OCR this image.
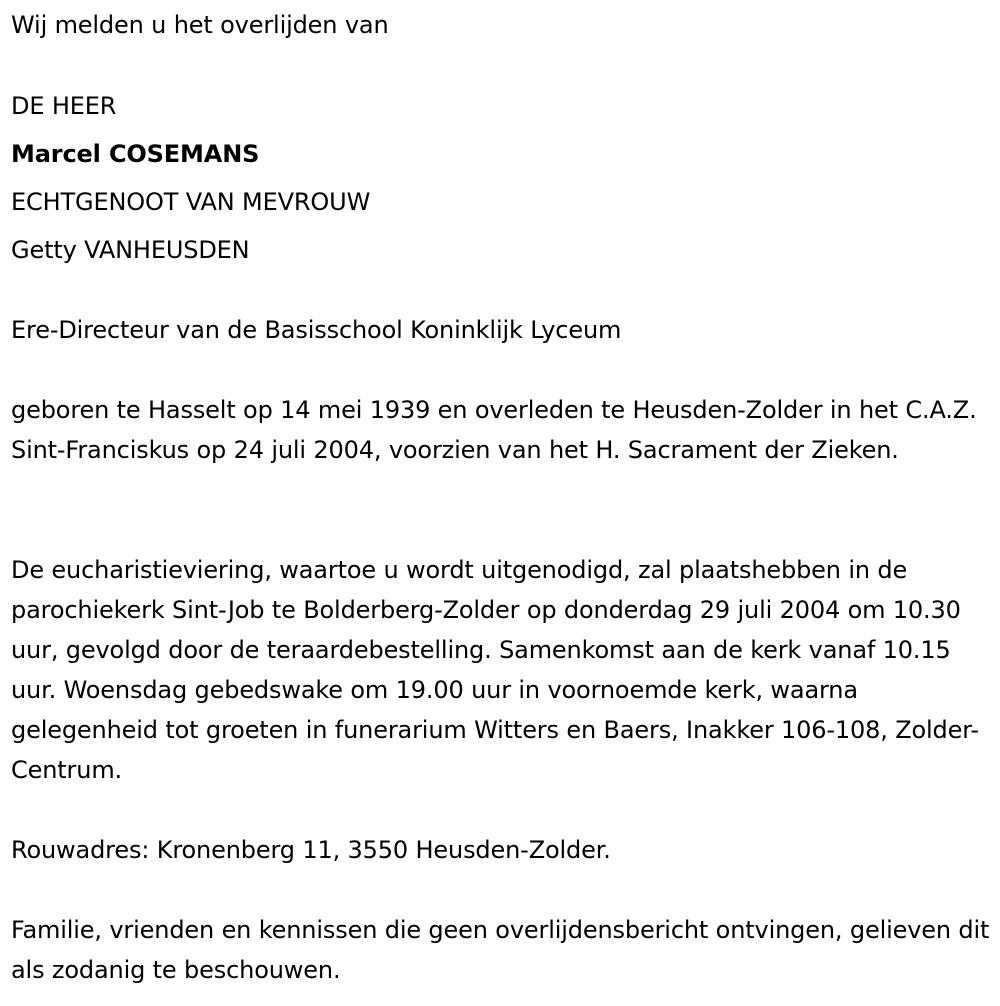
Wij melden u het overlijden van
DE HEER
Marcel COSEMANS
ECHTGENOOT VAN MEVROUW
Getty VANHEUSDEN
Ere-Directeur van de Basisschool Koninklijk Lyceum

geboren te Hasselt op 14 mei 1939 en overleden te Heusden-Zolder in het C.A.Z. Sint-Franciskus op 24 juli 2004, voorzien van het H. Sacrament der Zieken.

De eucharistieviering, waartoe u wordt uitgenodigd, zal plaatshebben in de parochiekerk Sint-Job te Bolderberg-Zolder op donderdag 29 juli 2004 om 10.30 uur, gevolgd door de teraardebestelling. Samenkomst aan de kerk vanaf 10.15 uur. Woensdag gebedswake om 19.00 uur in voornoemde kerk, waarna gelegenheid tot groeten in funerarium Witters en Baers, Inakker 106-108, Zolder-Centrum.

Rouwadres: Kronenberg 11, 3550 Heusden-Zolder.

Familie, vrienden en kennissen die geen overlijdensbericht ontvingen, gelieven dit als zodanig te beschouwen.
